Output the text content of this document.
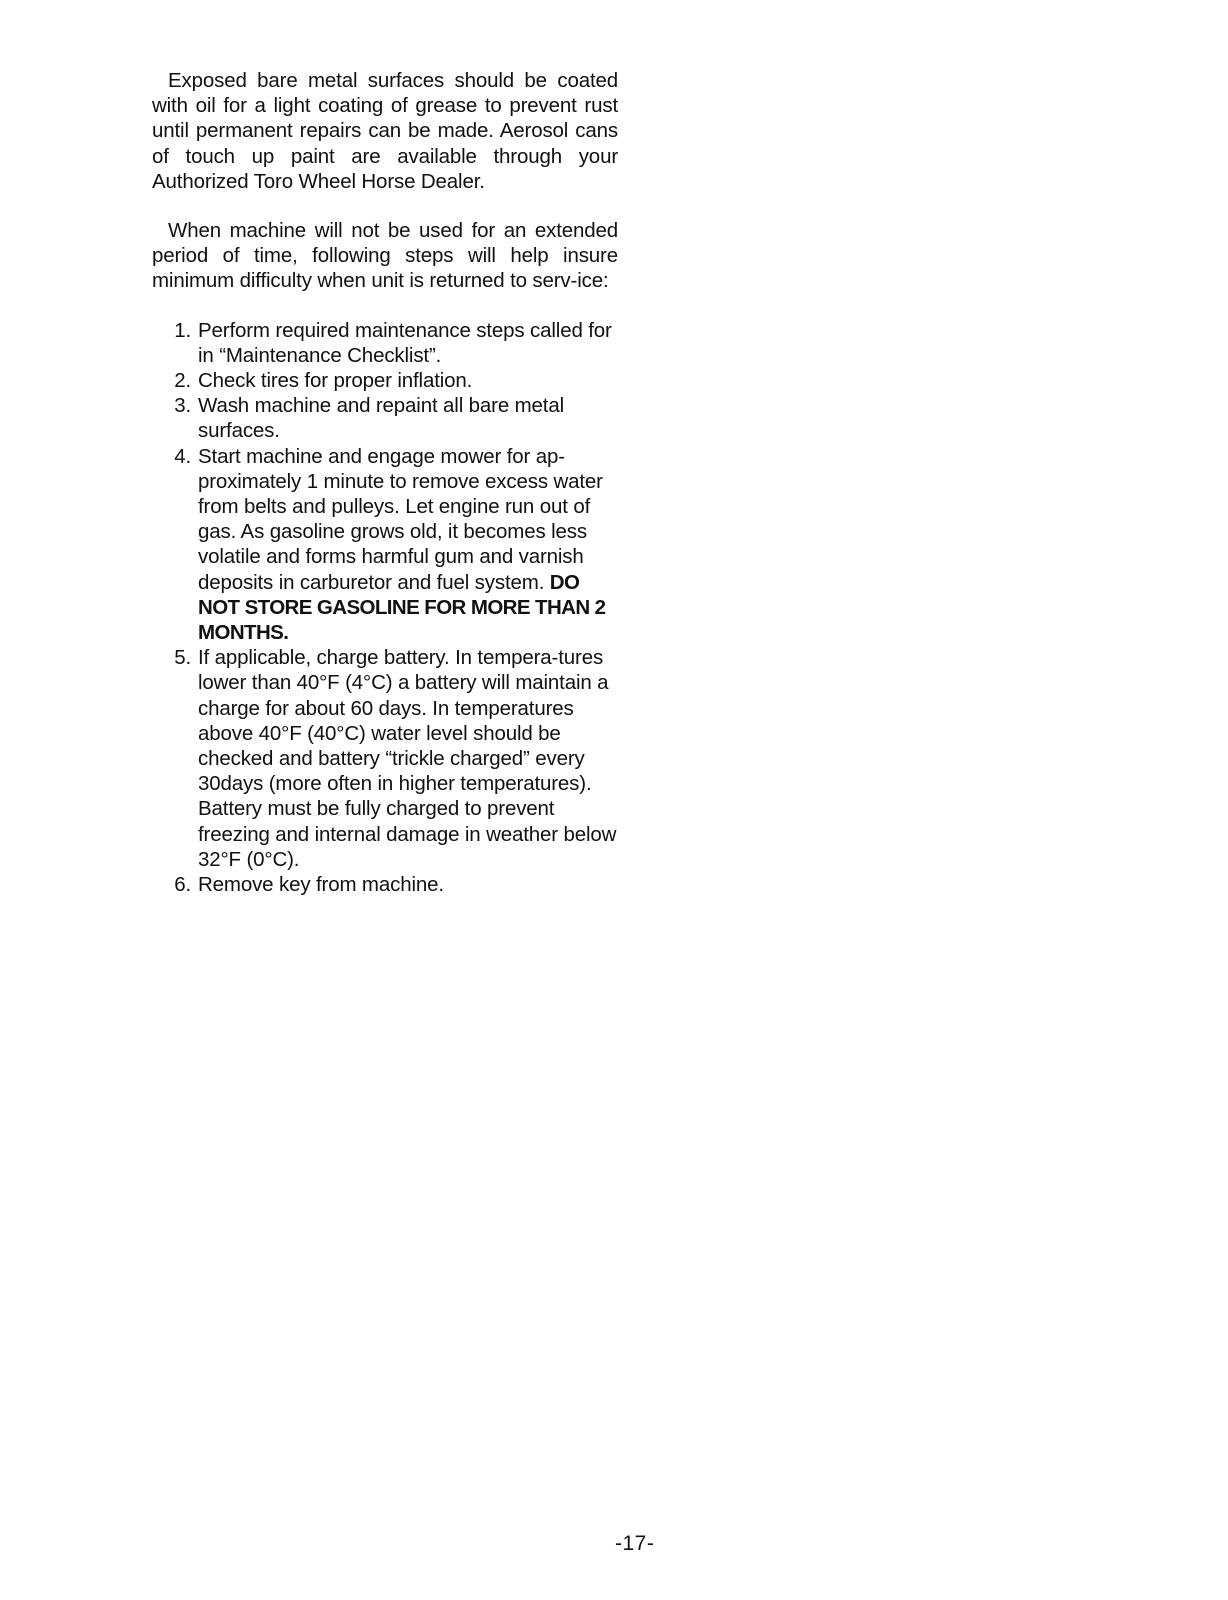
Exposed bare metal surfaces should be coated with oil for a light coating of grease to prevent rust until permanent repairs can be made. Aerosol cans of touch up paint are available through your Authorized Toro Wheel Horse Dealer.

When machine will not be used for an extended period of time, following steps will help insure minimum difficulty when unit is returned to serv-ice:

1. Perform required maintenance steps called for in “Maintenance Checklist”.
2. Check tires for proper inflation.
3. Wash machine and repaint all bare metal surfaces.
4. Start machine and engage mower for ap-proximately 1 minute to remove excess water from belts and pulleys. Let engine run out of gas. As gasoline grows old, it becomes less volatile and forms harmful gum and varnish deposits in carburetor and fuel system. DO NOT STORE GASOLINE FOR MORE THAN 2 MONTHS.
5. If applicable, charge battery. In tempera-tures lower than 40°F (4°C) a battery will maintain a charge for about 60 days. In temperatures above 40°F (40°C) water level should be checked and battery “trickle charged” every 30days (more often in higher temperatures). Battery must be fully charged to prevent freezing and internal damage in weather below 32°F (0°C).
6. Remove key from machine.
-17-
